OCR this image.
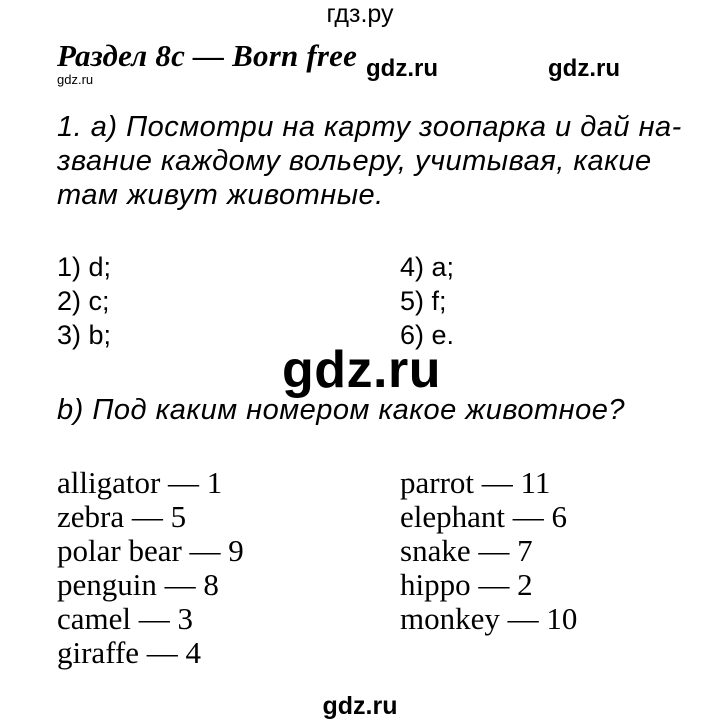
гдз.ру
Раздел 8с — Born free
gdz.ru	gdz.ru	gdz.ru
1. a) Посмотри на карту зоопарка и дай на-
звание каждому вольеру, учитывая, какие
там живут животные.
1) d;
2) c;
3) b;
4) a;
5) f;
6) e.
gdz.ru
b) Под каким номером какое животное?
alligator — 1
zebra — 5
polar bear — 9
penguin — 8
camel — 3
giraffe — 4
parrot — 11
elephant — 6
snake — 7
hippo — 2
monkey — 10
gdz.ru
